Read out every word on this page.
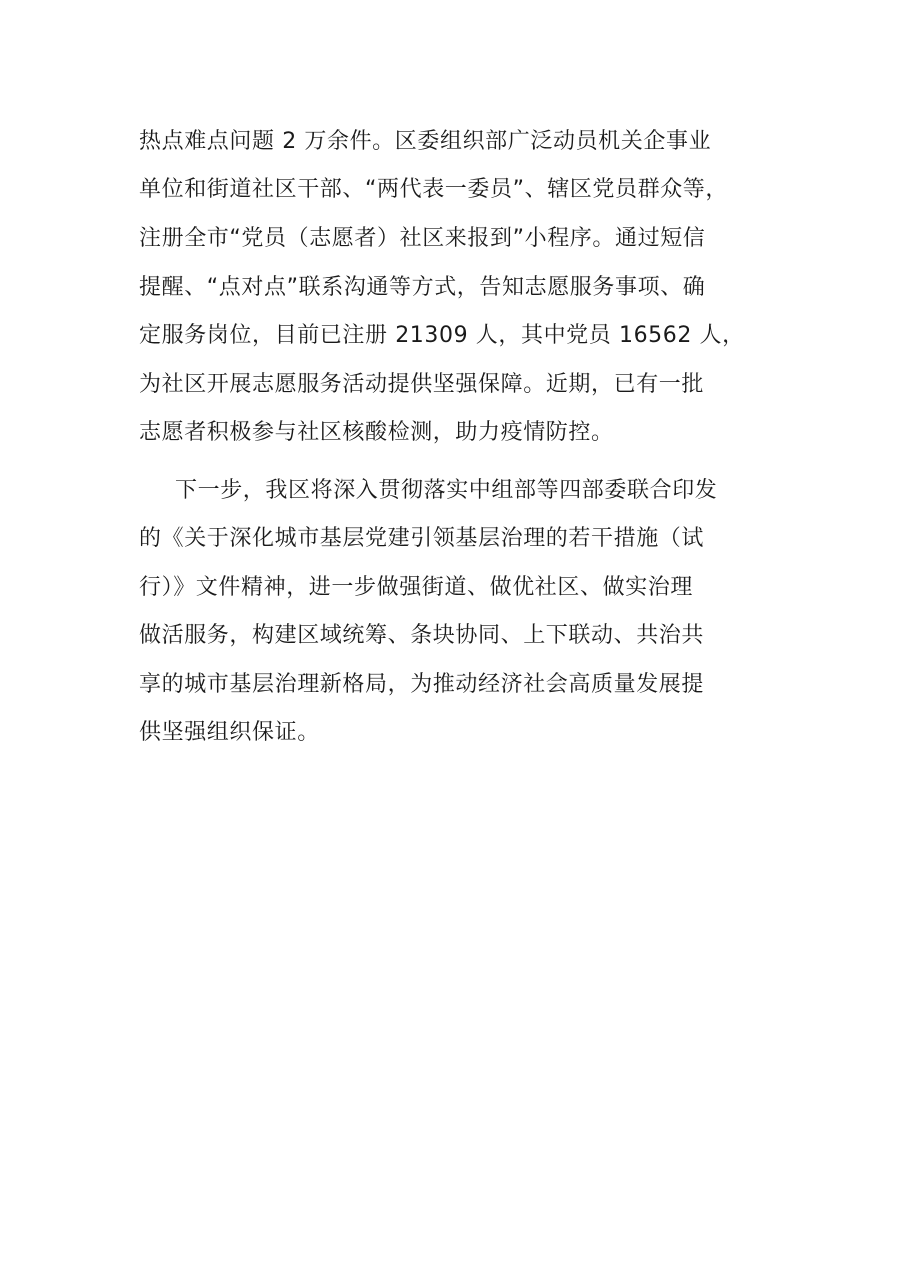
热点难点问题 2 万余件。区委组织部广泛动员机关企事业
单位和街道社区干部、“两代表一委员”、辖区党员群众等，
注册全市“党员（志愿者）社区来报到”小程序。通过短信
提醒、“点对点”联系沟通等方式，告知志愿服务事项、确
定服务岗位，目前已注册 21309 人，其中党员 16562 人，
为社区开展志愿服务活动提供坚强保障。近期，已有一批
志愿者积极参与社区核酸检测，助力疫情防控。
下一步，我区将深入贯彻落实中组部等四部委联合印发
的《关于深化城市基层党建引领基层治理的若干措施（试
行）》文件精神，进一步做强街道、做优社区、做实治理
做活服务，构建区域统筹、条块协同、上下联动、共治共
享的城市基层治理新格局，为推动经济社会高质量发展提
供坚强组织保证。
